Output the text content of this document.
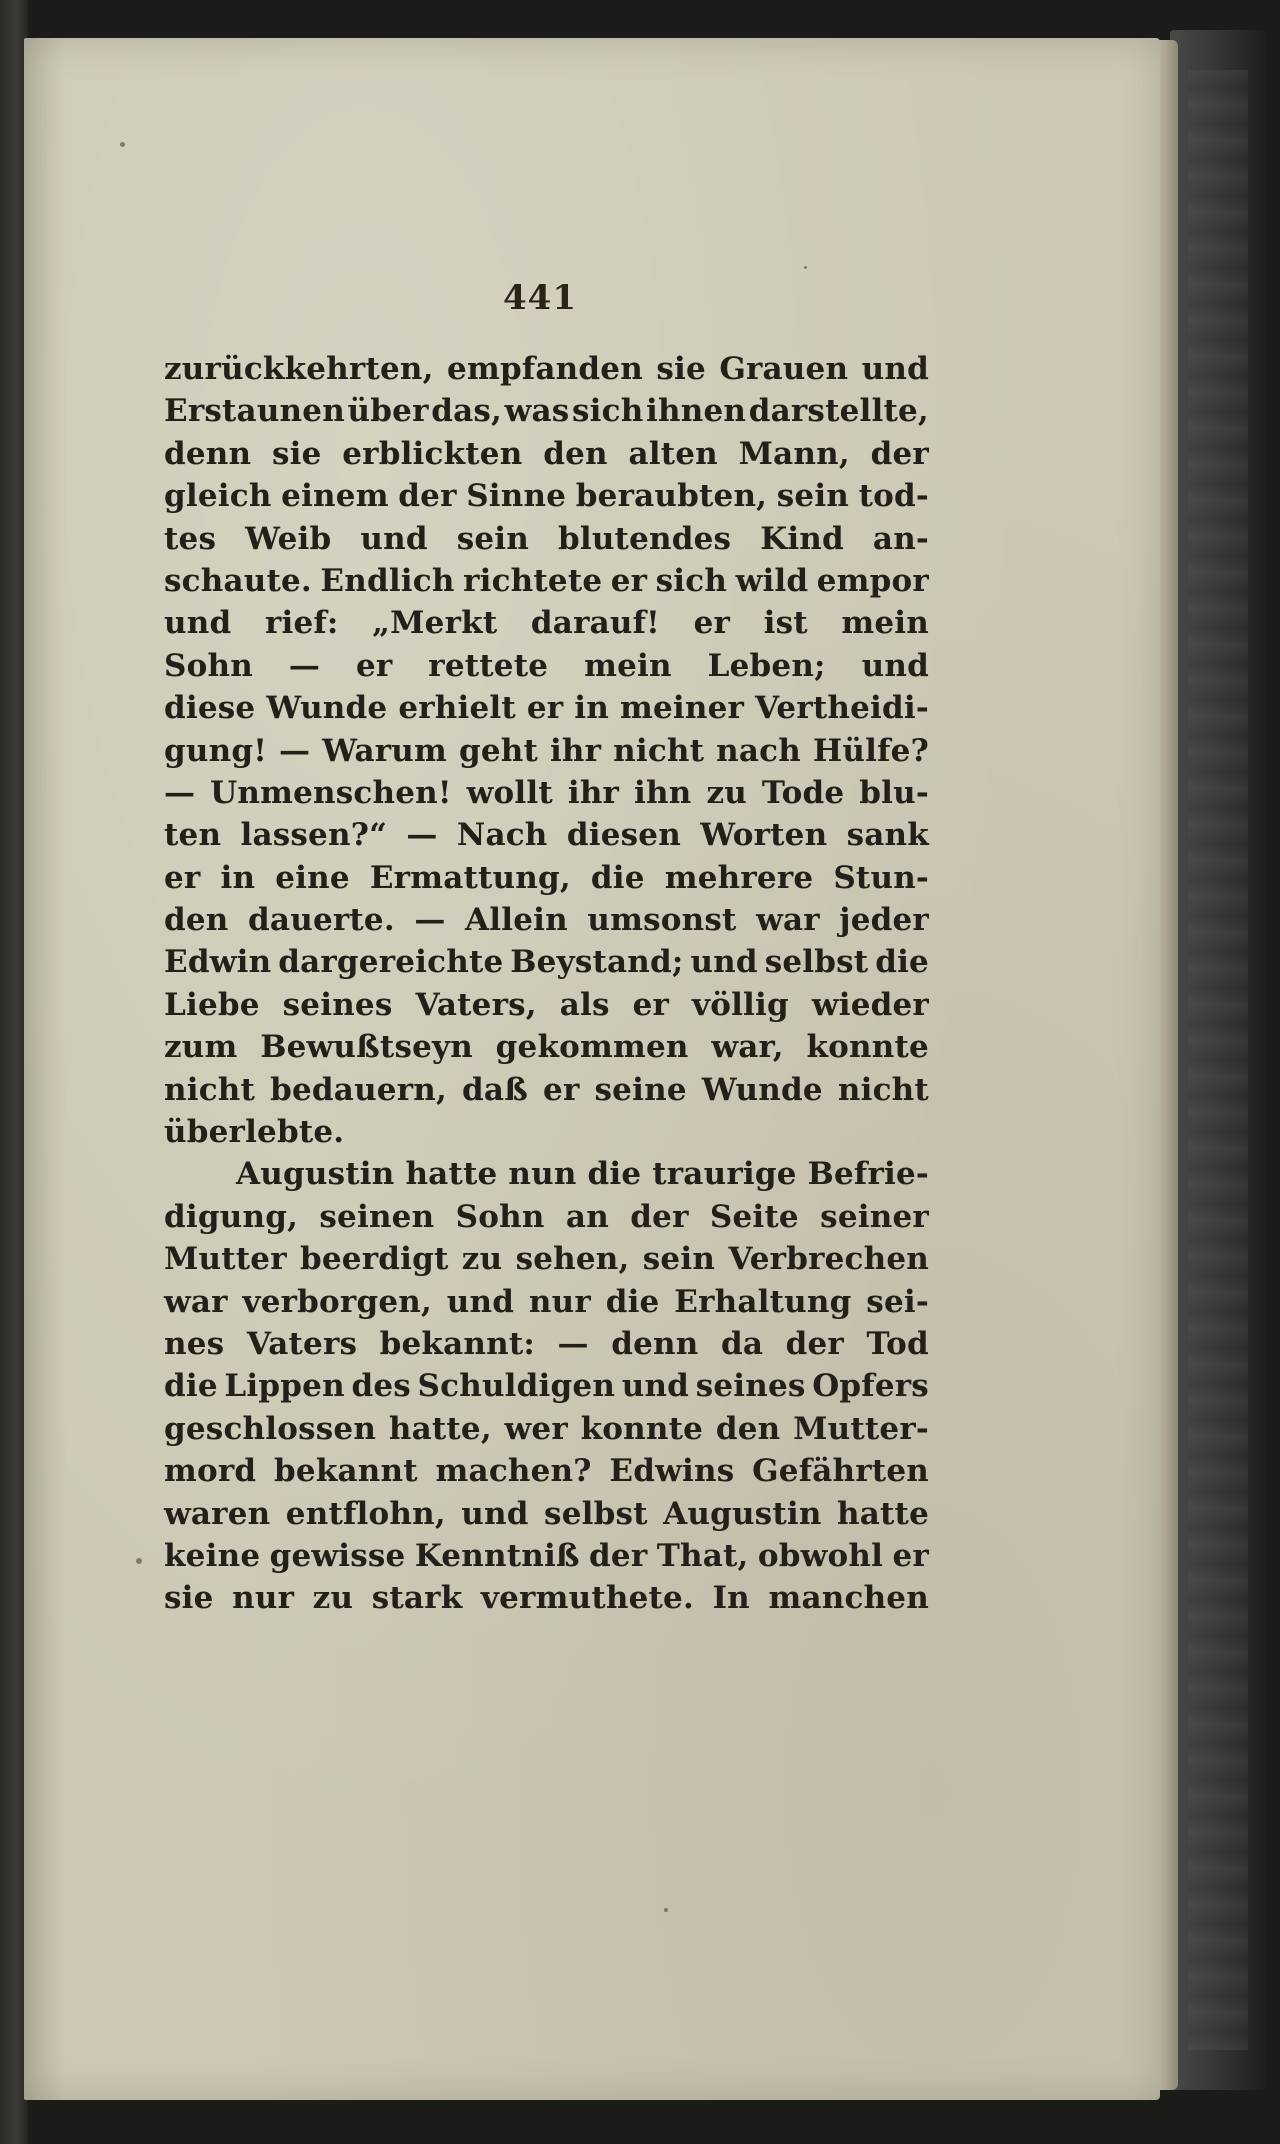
441
zurückkehrten, empfanden sie Grauen und
Erstaunen über das, was sich ihnen darstellte,
denn sie erblickten den alten Mann, der
gleich einem der Sinne beraubten, sein tod-
tes Weib und sein blutendes Kind an-
schaute. Endlich richtete er sich wild empor
und rief: „Merkt darauf! er ist mein
Sohn — er rettete mein Leben; und
diese Wunde erhielt er in meiner Vertheidi-
gung! — Warum geht ihr nicht nach Hülfe?
— Unmenschen! wollt ihr ihn zu Tode blu-
ten lassen?“ — Nach diesen Worten sank
er in eine Ermattung, die mehrere Stun-
den dauerte. — Allein umsonst war jeder
Edwin dargereichte Beystand; und selbst die
Liebe seines Vaters, als er völlig wieder
zum Bewußtseyn gekommen war, konnte
nicht bedauern, daß er seine Wunde nicht
überlebte.
Augustin hatte nun die traurige Befrie-
digung, seinen Sohn an der Seite seiner
Mutter beerdigt zu sehen, sein Verbrechen
war verborgen, und nur die Erhaltung sei-
nes Vaters bekannt: — denn da der Tod
die Lippen des Schuldigen und seines Opfers
geschlossen hatte, wer konnte den Mutter-
mord bekannt machen? Edwins Gefährten
waren entflohn, und selbst Augustin hatte
keine gewisse Kenntniß der That, obwohl er
sie nur zu stark vermuthete. In manchen
